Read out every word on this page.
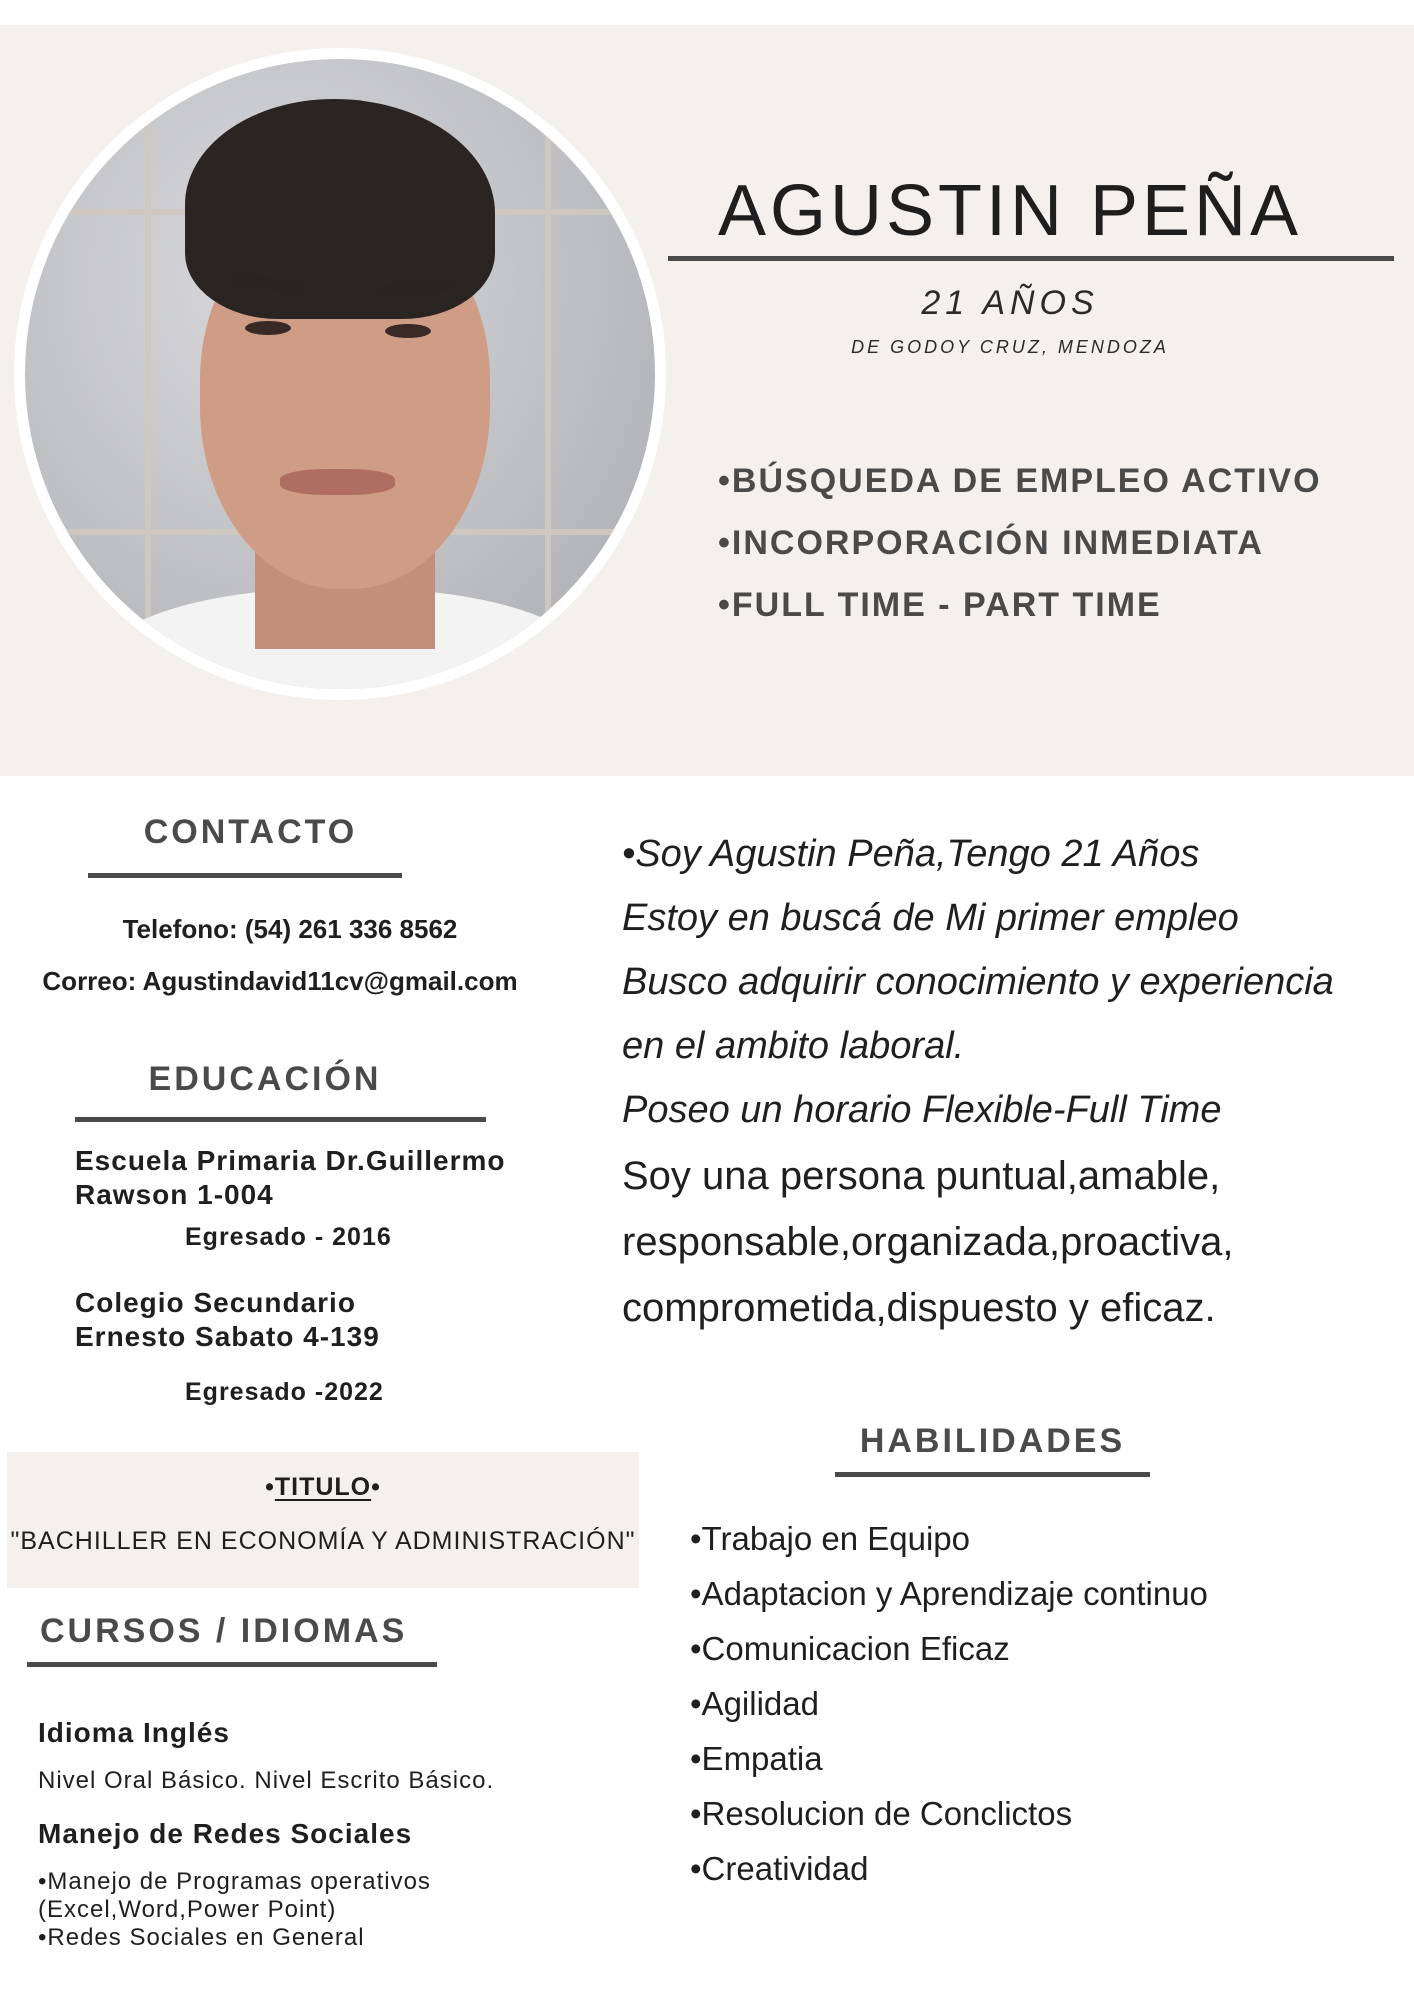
AGUSTIN PEÑA
21 AÑOS
DE GODOY CRUZ, MENDOZA
•BÚSQUEDA DE EMPLEO ACTIVO
•INCORPORACIÓN INMEDIATA
•FULL TIME - PART TIME
CONTACTO
Telefono: (54) 261 336 8562
Correo: Agustindavid11cv@gmail.com
EDUCACIÓN
Escuela Primaria Dr.Guillermo
Rawson 1-004
Egresado - 2016
Colegio Secundario
Ernesto Sabato 4-139
Egresado -2022
•TITULO•
"BACHILLER EN ECONOMÍA Y ADMINISTRACIÓN"
CURSOS / IDIOMAS
Idioma Inglés
Nivel Oral Básico. Nivel Escrito Básico.
Manejo de Redes Sociales
•Manejo de Programas operativos
(Excel,Word,Power Point)
•Redes Sociales en General
•Soy Agustin Peña,Tengo 21 Años
Estoy en buscá de Mi primer empleo
Busco adquirir conocimiento y experiencia
en el ambito laboral.
Poseo un horario Flexible-Full Time
Soy una persona puntual,amable,
responsable,organizada,proactiva,
comprometida,dispuesto y eficaz.
HABILIDADES
•Trabajo en Equipo
•Adaptacion y Aprendizaje continuo
•Comunicacion Eficaz
•Agilidad
•Empatia
•Resolucion de Conclictos
•Creatividad
